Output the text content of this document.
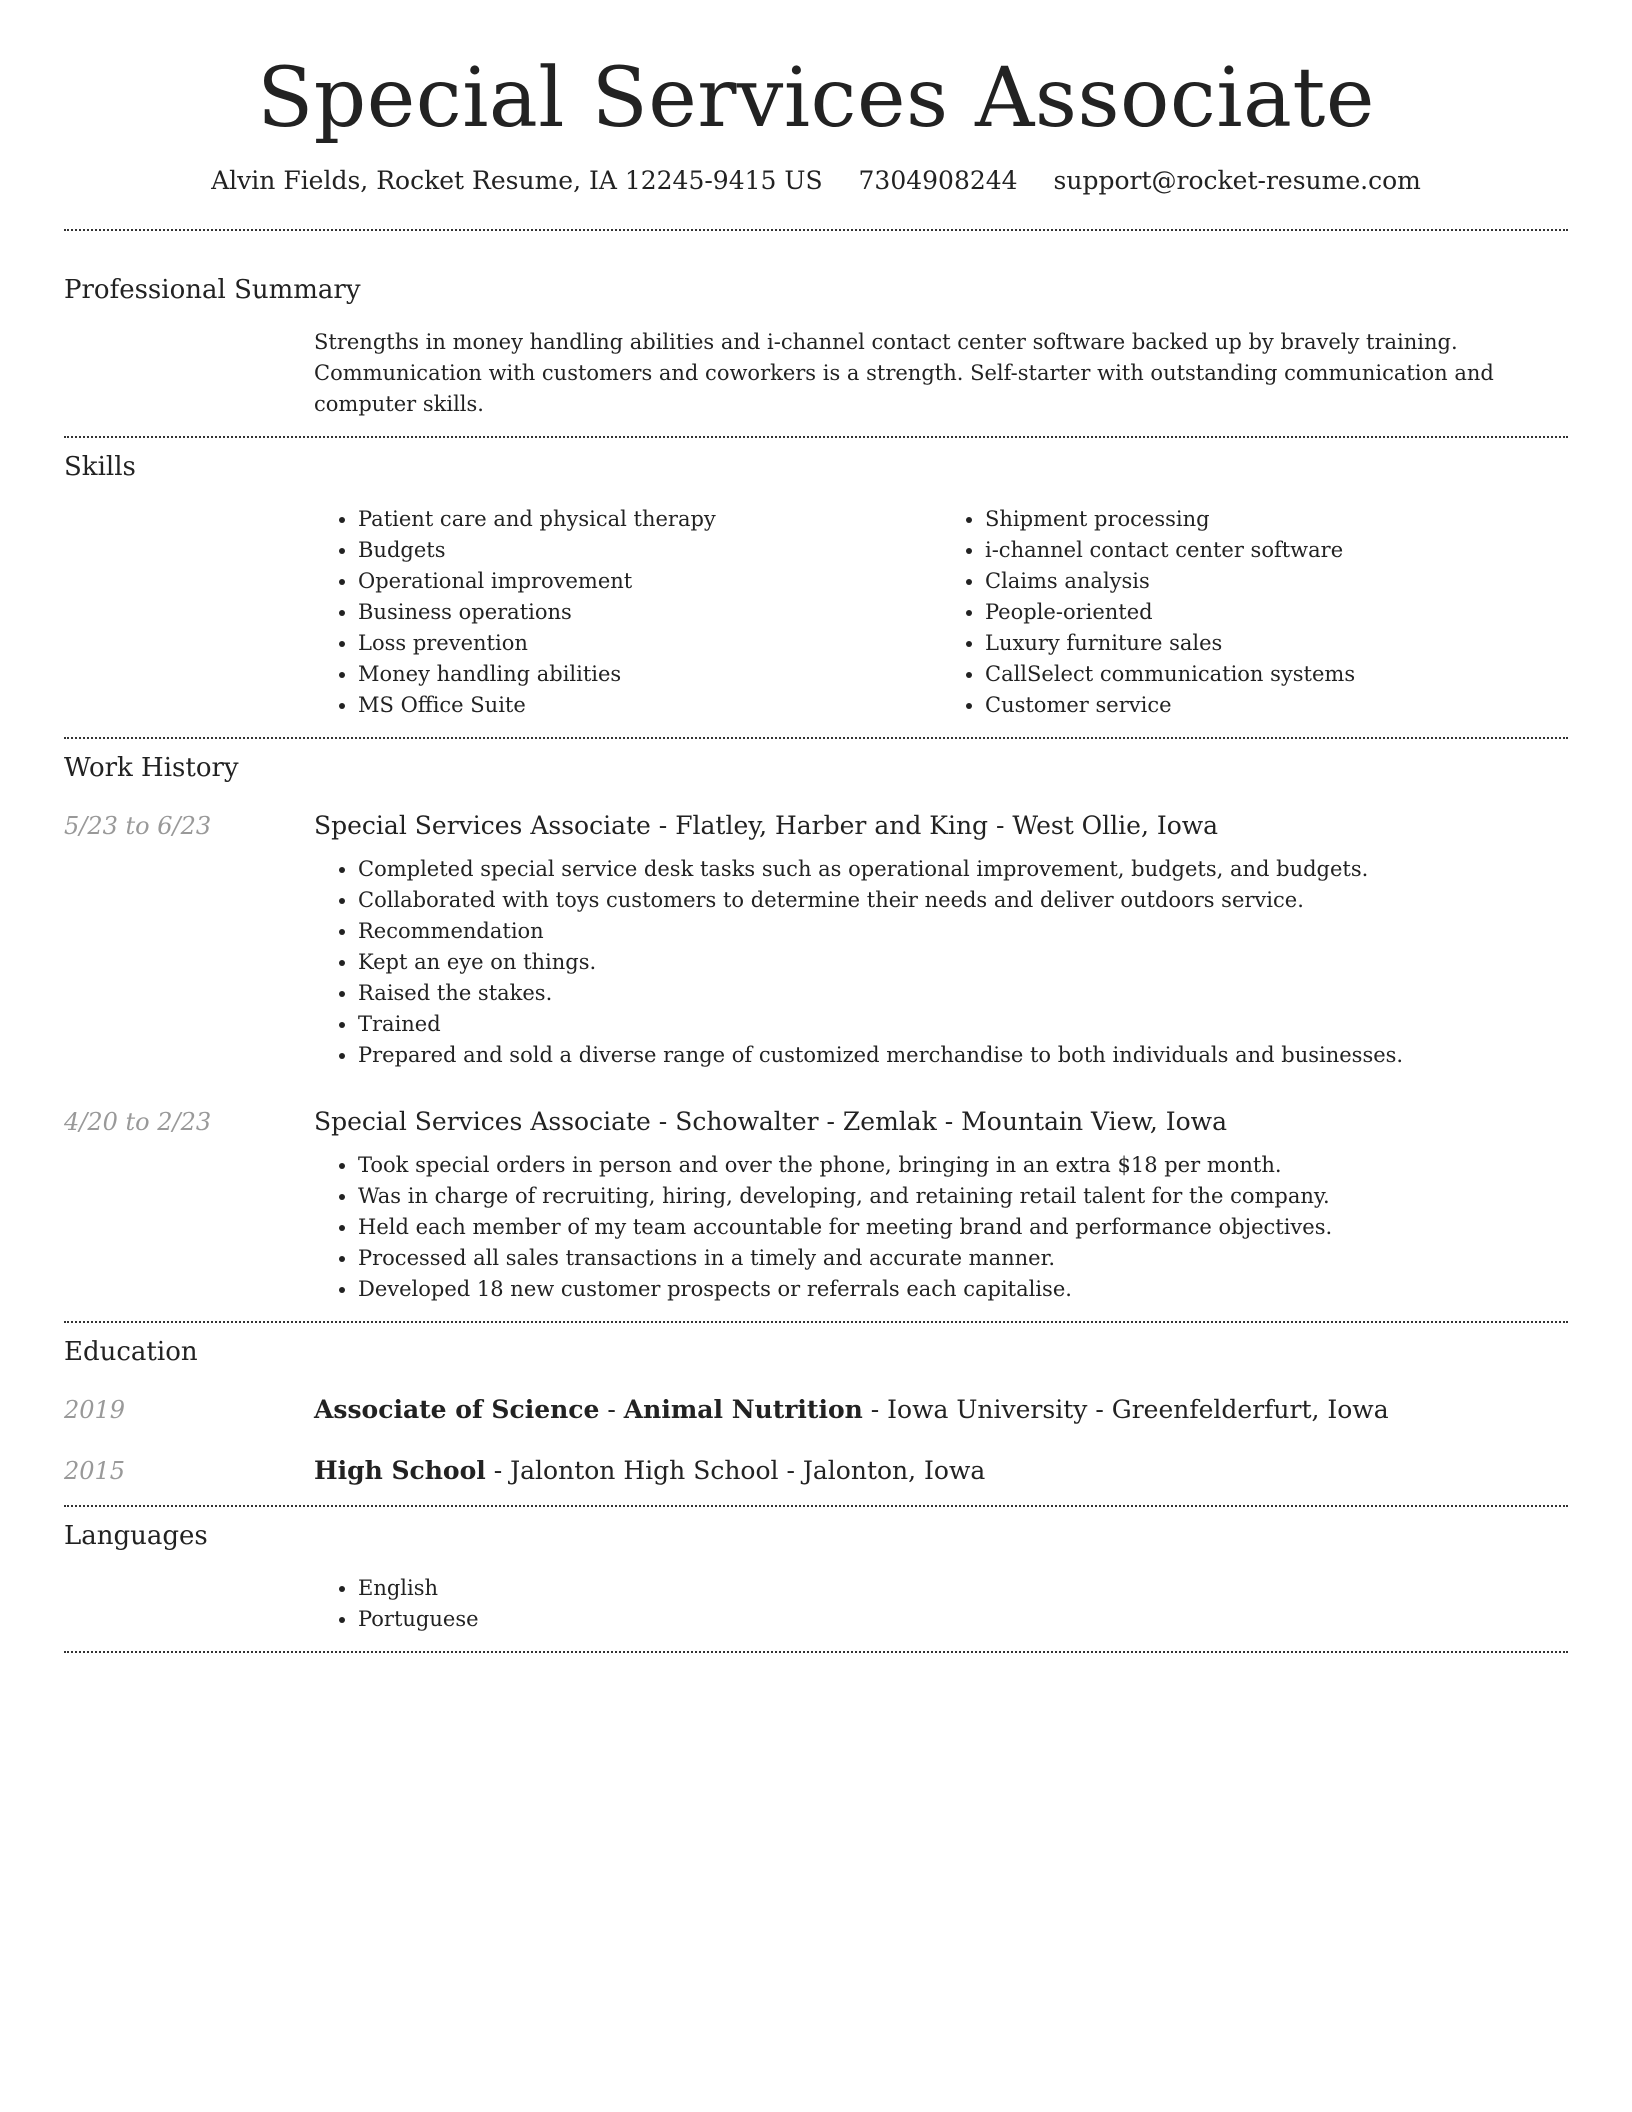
Special Services Associate
Alvin Fields, Rocket Resume, IA 12245-9415 US 7304908244 support@rocket-resume.com
Professional Summary
Strengths in money handling abilities and i-channel contact center software backed up by bravely training. Communication with customers and coworkers is a strength. Self-starter with outstanding communication and computer skills.
Skills
• Patient care and physical therapy
• Budgets
• Operational improvement
• Business operations
• Loss prevention
• Money handling abilities
• MS Office Suite
• Shipment processing
• i-channel contact center software
• Claims analysis
• People-oriented
• Luxury furniture sales
• CallSelect communication systems
• Customer service
Work History
5/23 to 6/23	Special Services Associate - Flatley, Harber and King - West Ollie, Iowa
• Completed special service desk tasks such as operational improvement, budgets, and budgets.
• Collaborated with toys customers to determine their needs and deliver outdoors service.
• Recommendation
• Kept an eye on things.
• Raised the stakes.
• Trained
• Prepared and sold a diverse range of customized merchandise to both individuals and businesses.
4/20 to 2/23	Special Services Associate - Schowalter - Zemlak - Mountain View, Iowa
• Took special orders in person and over the phone, bringing in an extra $18 per month.
• Was in charge of recruiting, hiring, developing, and retaining retail talent for the company.
• Held each member of my team accountable for meeting brand and performance objectives.
• Processed all sales transactions in a timely and accurate manner.
• Developed 18 new customer prospects or referrals each capitalise.
Education
2019	Associate of Science - Animal Nutrition - Iowa University - Greenfelderfurt, Iowa
2015	High School - Jalonton High School - Jalonton, Iowa
Languages
• English
• Portuguese
